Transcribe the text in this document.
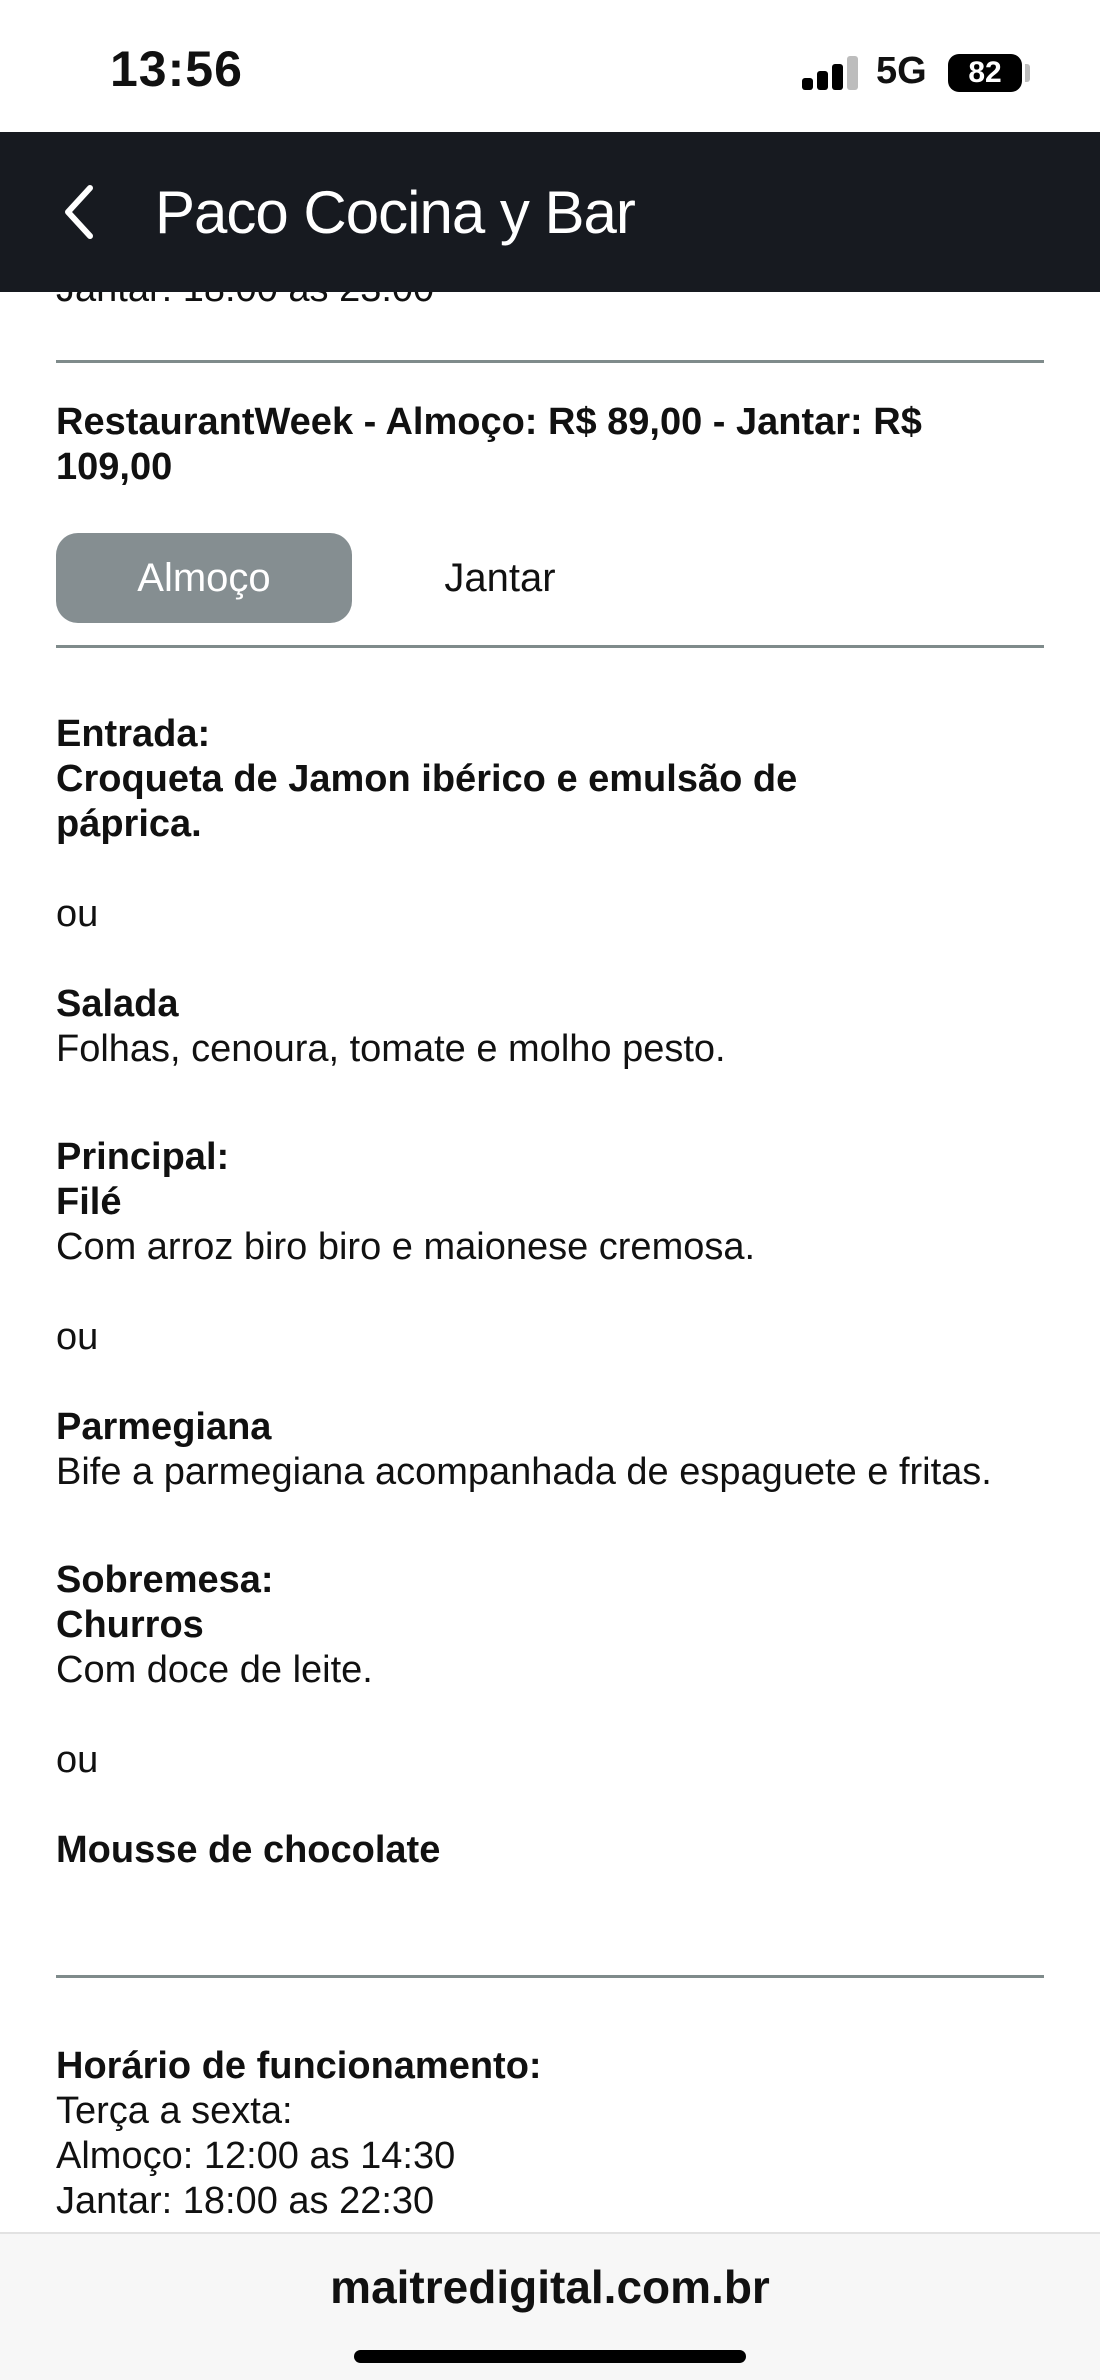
13:56	5G	82
Paco Cocina y Bar
RestaurantWeek - Almoço: R$ 89,00 - Jantar: R$ 109,00
Almoço	Jantar

Entrada:

Croqueta de Jamon ibérico e emulsão de páprica.

ou

Salada

Folhas, cenoura, tomate e molho pesto.

Principal:

Filé

Com arroz biro biro e maionese cremosa.

ou

Parmegiana

Bife a parmegiana acompanhada de espaguete e fritas.

Sobremesa:

Churros

Com doce de leite.

ou

Mousse de chocolate

Horário de funcionamento:

Terça a sexta:

Almoço: 12:00 as 14:30

Jantar: 18:00 as 22:30

maitredigital.com.br
